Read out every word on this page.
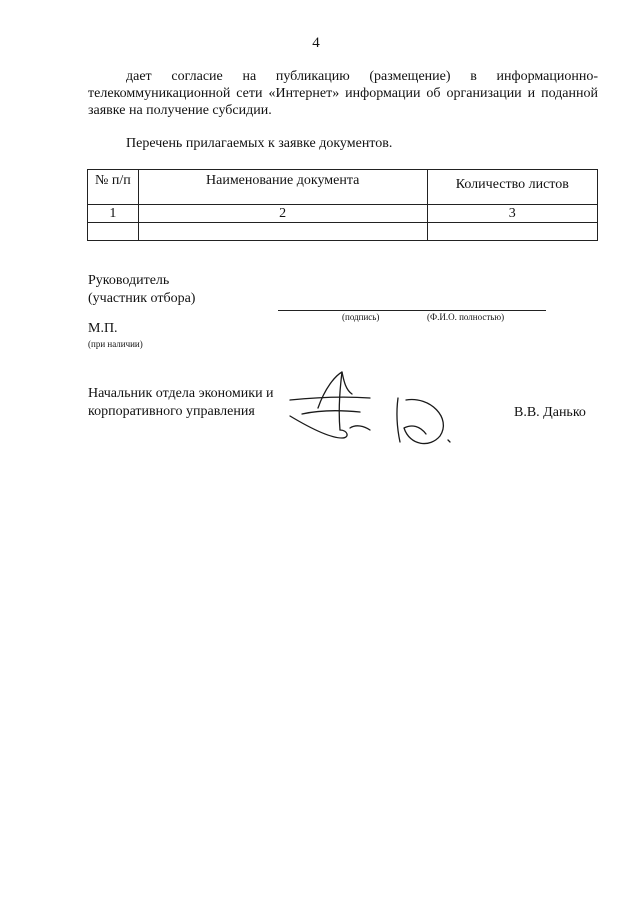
4

дает согласие на публикацию (размещение) в информационно-телекоммуникационной сети «Интернет» информации об организации и поданной заявке на получение субсидии.

Перечень прилагаемых к заявке документов.
№ п/п	Наименование документа	Количество листов
1	2	3

Руководитель
(участник отбора)
(подпись)	(Ф.И.О. полностью)
М.П.
(при наличии)
Начальник отдела экономики и
корпоративного управления	В.В. Данько
